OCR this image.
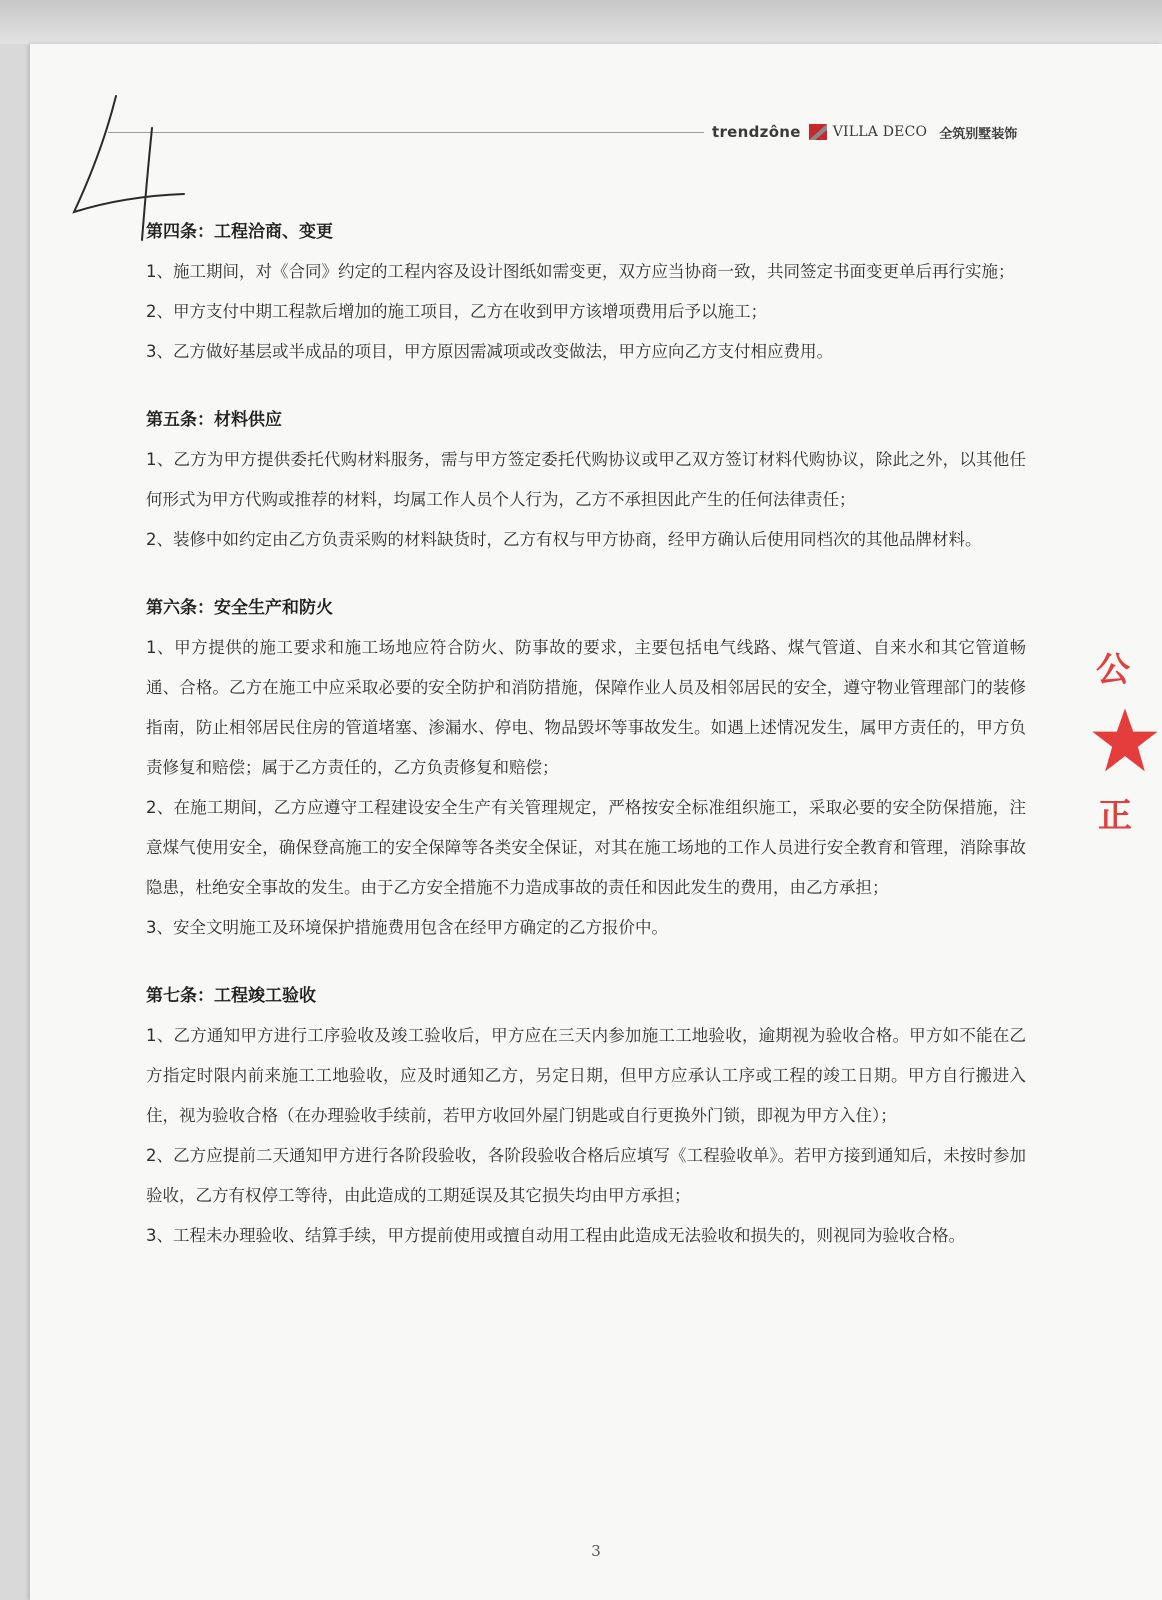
trendzône VILLA DECO 全筑别墅装饰
第四条：工程洽商、变更

1、施工期间，对《合同》约定的工程内容及设计图纸如需变更，双方应当协商一致，共同签定书面变更单后再行实施；

2、甲方支付中期工程款后增加的施工项目，乙方在收到甲方该增项费用后予以施工；

3、乙方做好基层或半成品的项目，甲方原因需减项或改变做法，甲方应向乙方支付相应费用。

第五条：材料供应

1、乙方为甲方提供委托代购材料服务，需与甲方签定委托代购协议或甲乙双方签订材料代购协议，除此之外，以其他任何形式为甲方代购或推荐的材料，均属工作人员个人行为，乙方不承担因此产生的任何法律责任；

2、装修中如约定由乙方负责采购的材料缺货时，乙方有权与甲方协商，经甲方确认后使用同档次的其他品牌材料。

第六条：安全生产和防火

1、甲方提供的施工要求和施工场地应符合防火、防事故的要求，主要包括电气线路、煤气管道、自来水和其它管道畅通、合格。乙方在施工中应采取必要的安全防护和消防措施，保障作业人员及相邻居民的安全，遵守物业管理部门的装修指南，防止相邻居民住房的管道堵塞、渗漏水、停电、物品毁坏等事故发生。如遇上述情况发生，属甲方责任的，甲方负责修复和赔偿；属于乙方责任的，乙方负责修复和赔偿；

2、在施工期间，乙方应遵守工程建设安全生产有关管理规定，严格按安全标准组织施工，采取必要的安全防保措施，注意煤气使用安全，确保登高施工的安全保障等各类安全保证，对其在施工场地的工作人员进行安全教育和管理，消除事故隐患，杜绝安全事故的发生。由于乙方安全措施不力造成事故的责任和因此发生的费用，由乙方承担；

3、安全文明施工及环境保护措施费用包含在经甲方确定的乙方报价中。

第七条：工程竣工验收

1、乙方通知甲方进行工序验收及竣工验收后，甲方应在三天内参加施工工地验收，逾期视为验收合格。甲方如不能在乙方指定时限内前来施工工地验收，应及时通知乙方，另定日期，但甲方应承认工序或工程的竣工日期。甲方自行搬进入住，视为验收合格（在办理验收手续前，若甲方收回外屋门钥匙或自行更换外门锁，即视为甲方入住）；

2、乙方应提前二天通知甲方进行各阶段验收，各阶段验收合格后应填写《工程验收单》。若甲方接到通知后，未按时参加验收，乙方有权停工等待，由此造成的工期延误及其它损失均由甲方承担；

3、工程未办理验收、结算手续，甲方提前使用或擅自动用工程由此造成无法验收和损失的，则视同为验收合格。

3
公
正
